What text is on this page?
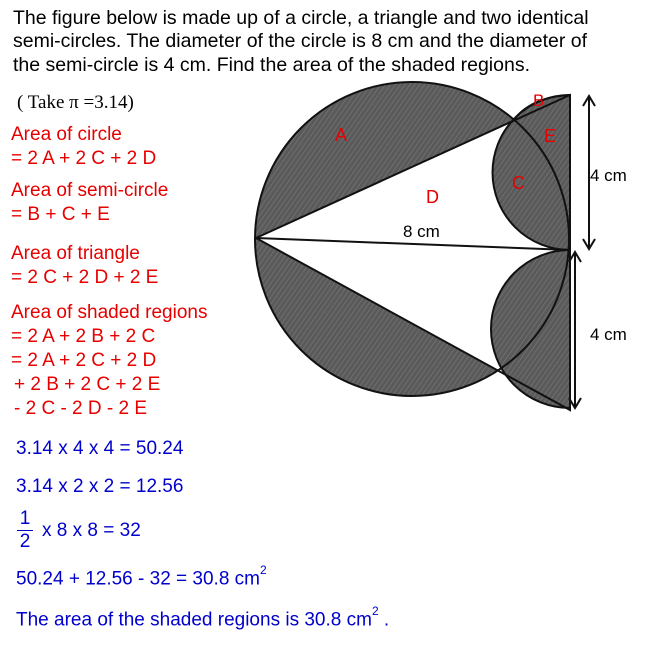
The figure below is made up of a circle, a triangle and two identical
semi-circles. The diameter of the circle is 8 cm and the diameter of
the semi-circle is 4 cm. Find the area of the shaded regions.
( Take π =3.14)
Area of circle
= 2 A + 2 C + 2 D
Area of semi-circle
= B + C + E
Area of triangle
= 2 C + 2 D + 2 E
Area of shaded regions
= 2 A + 2 B + 2 C
= 2 A + 2 C + 2 D
+ 2 B + 2 C + 2 E
- 2 C - 2 D - 2 E
3.14 x 4 x 4 = 50.24
3.14 x 2 x 2 = 12.56
1
2
x 8 x 8 = 32
50.24 + 12.56 - 32 = 30.8 $cm^2$
The area of the shaded regions is 30.8 $cm^2$ .
A
B
C
D
E
8 cm
4 cm
4 cm
